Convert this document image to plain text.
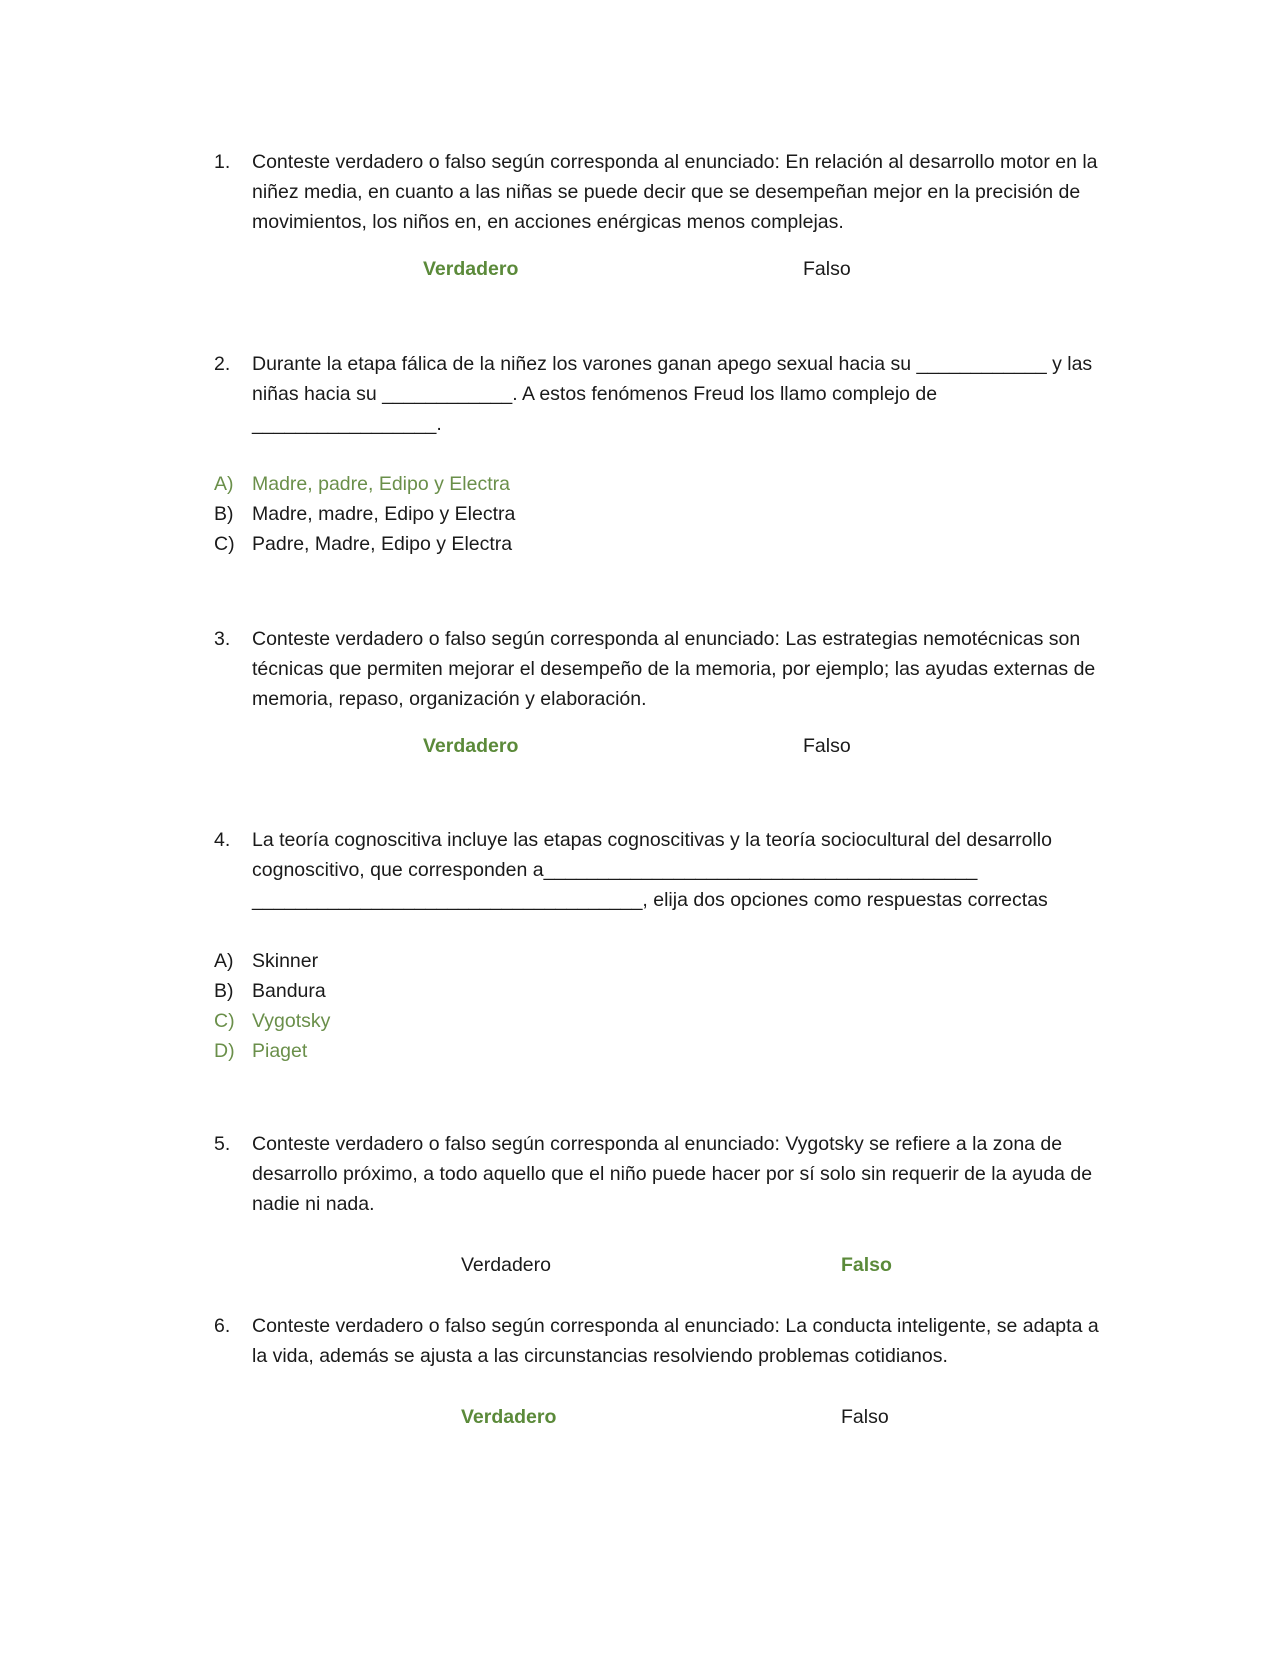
1.	Conteste verdadero o falso según corresponda al enunciado: En relación al desarrollo motor en la niñez media, en cuanto a las niñas se puede decir que se desempeñan mejor en la precisión de movimientos, los niños en, en acciones enérgicas menos complejas.
Verdadero	Falso
2.	Durante la etapa fálica de la niñez los varones ganan apego sexual hacia su ____________ y las niñas hacia su ____________. A estos fenómenos Freud los llamo complejo de _________________.
A) Madre, padre, Edipo y Electra
B) Madre, madre, Edipo y Electra
C) Padre, Madre, Edipo y Electra
3.	Conteste verdadero o falso según corresponda al enunciado: Las estrategias nemotécnicas son técnicas que permiten mejorar el desempeño de la memoria, por ejemplo; las ayudas externas de memoria, repaso, organización y elaboración.
Verdadero	Falso
4.	La teoría cognoscitiva incluye las etapas cognoscitivas y la teoría sociocultural del desarrollo cognoscitivo, que corresponden a________________________________________ ____________________________________, elija dos opciones como respuestas correctas
A) Skinner
B) Bandura
C) Vygotsky
D) Piaget
5.	Conteste verdadero o falso según corresponda al enunciado: Vygotsky se refiere a la zona de desarrollo próximo, a todo aquello que el niño puede hacer por sí solo sin requerir de la ayuda de nadie ni nada.
Verdadero	Falso
6.	Conteste verdadero o falso según corresponda al enunciado: La conducta inteligente, se adapta a la vida, además se ajusta a las circunstancias resolviendo problemas cotidianos.
Verdadero	Falso
